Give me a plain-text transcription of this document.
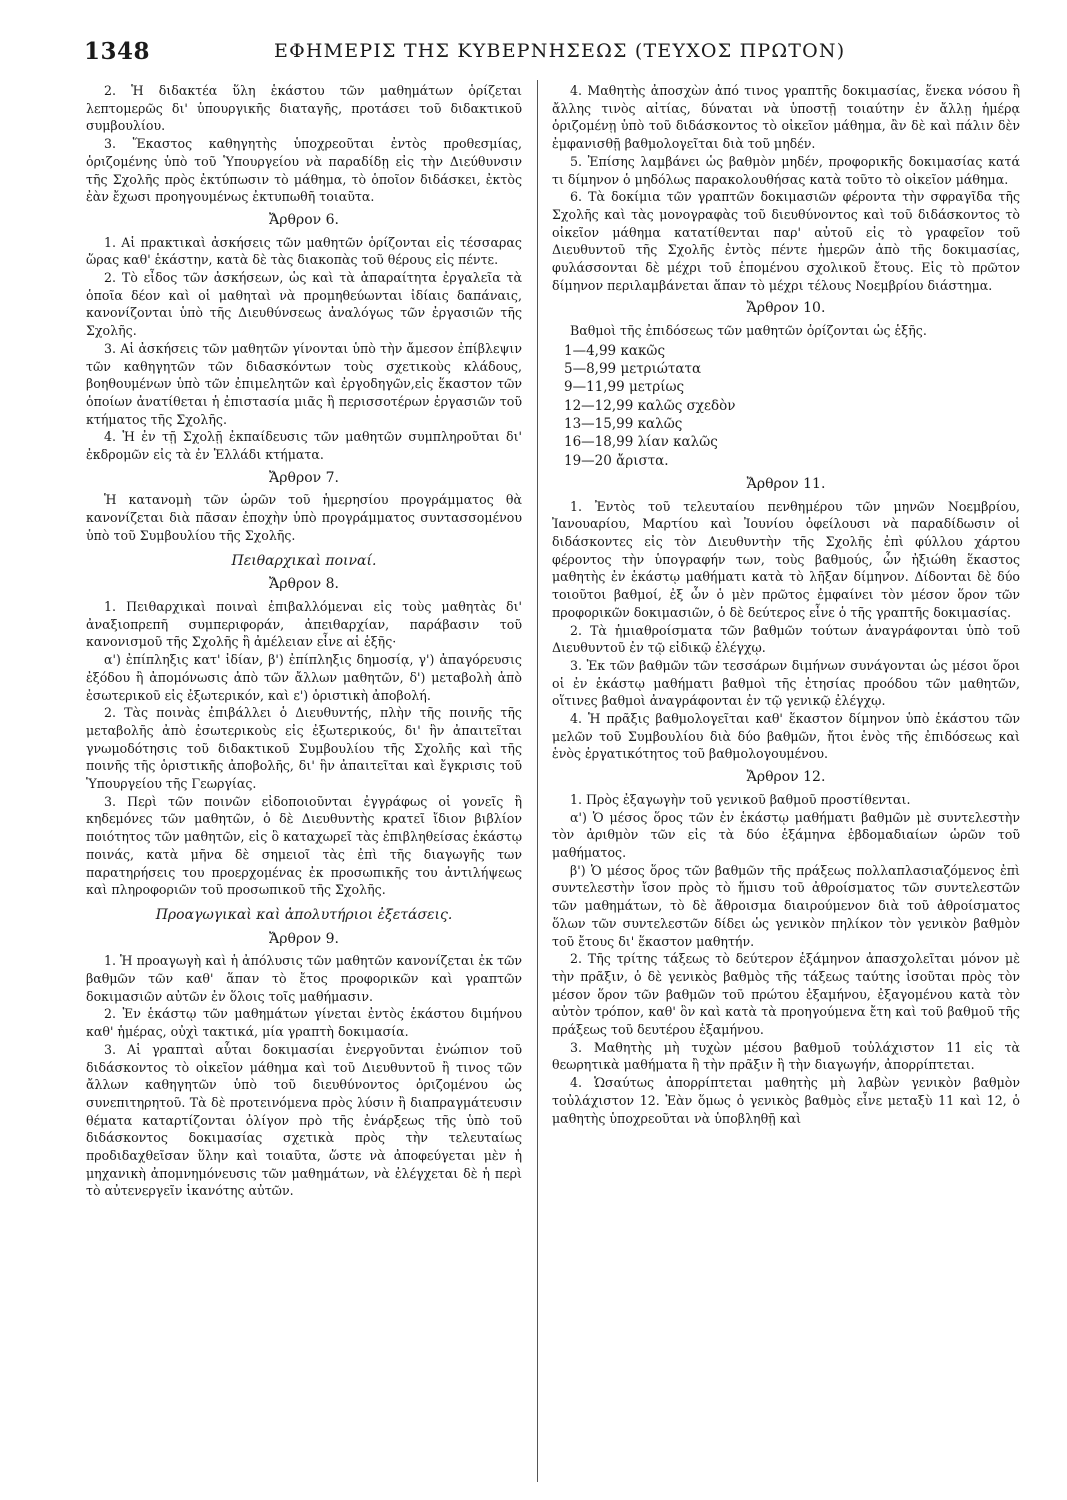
1348	ΕΦΗΜΕΡΙΣ ΤΗΣ ΚΥΒΕΡΝΗΣΕΩΣ (ΤΕΥΧΟΣ ΠΡΩΤΟΝ)

2. Ἡ διδακτέα ὕλη ἑκάστου τῶν μαθημάτων ὁρίζεται λεπτομερῶς δι' ὑπουργικῆς διαταγῆς, προτάσει τοῦ διδακτικοῦ συμβουλίου.

3. Ἕκαστος καθηγητὴς ὑποχρεοῦται ἐντὸς προθεσμίας, ὁριζομένης ὑπὸ τοῦ Ὑπουργείου νὰ παραδίδῃ εἰς τὴν Διεύθυνσιν τῆς Σχολῆς πρὸς ἐκτύπωσιν τὸ μάθημα, τὸ ὁποῖον διδάσκει, ἐκτὸς ἐὰν ἔχωσι προηγουμένως ἐκτυπωθῆ τοιαῦτα.

Ἄρθρον 6.

1. Αἱ πρακτικαὶ ἀσκήσεις τῶν μαθητῶν ὁρίζονται εἰς τέσσαρας ὥρας καθ' ἑκάστην, κατὰ δὲ τὰς διακοπὰς τοῦ θέρους εἰς πέντε.

2. Τὸ εἶδος τῶν ἀσκήσεων, ὡς καὶ τὰ ἀπαραίτητα ἐργαλεῖα τὰ ὁποῖα δέον καὶ οἱ μαθηταὶ νὰ προμηθεύωνται ἰδίαις δαπάναις, κανονίζονται ὑπὸ τῆς Διευθύνσεως ἀναλόγως τῶν ἐργασιῶν τῆς Σχολῆς.

3. Αἱ ἀσκήσεις τῶν μαθητῶν γίνονται ὑπὸ τὴν ἄμεσον ἐπίβλεψιν τῶν καθηγητῶν τῶν διδασκόντων τοὺς σχετικοὺς κλάδους, βοηθουμένων ὑπὸ τῶν ἐπιμελητῶν καὶ ἐργοδηγῶν,εἰς ἕκαστον τῶν ὁποίων ἀνατίθεται ἡ ἐπιστασία μιᾶς ἢ περισσοτέρων ἐργασιῶν τοῦ κτήματος τῆς Σχολῆς.

4. Ἡ ἐν τῇ Σχολῇ ἐκπαίδευσις τῶν μαθητῶν συμπληροῦται δι' ἐκδρομῶν εἰς τὰ ἐν Ἑλλάδι κτήματα.

Ἄρθρον 7.

Ἡ κατανομὴ τῶν ὡρῶν τοῦ ἡμερησίου προγράμματος θὰ κανονίζεται διὰ πᾶσαν ἐποχὴν ὑπὸ προγράμματος συντασσομένου ὑπὸ τοῦ Συμβουλίου τῆς Σχολῆς.

Πειθαρχικαὶ ποιναί.
Ἄρθρον 8.

1. Πειθαρχικαὶ ποιναὶ ἐπιβαλλόμεναι εἰς τοὺς μαθητὰς δι' ἀναξιοπρεπῆ συμπεριφοράν, ἀπειθαρχίαν, παράβασιν τοῦ κανονισμοῦ τῆς Σχολῆς ἢ ἀμέλειαν εἶνε αἱ ἑξῆς·

α') ἐπίπληξις κατ' ἰδίαν, β') ἐπίπληξις δημοσίᾳ, γ') ἀπαγόρευσις ἐξόδου ἢ ἀπομόνωσις ἀπὸ τῶν ἄλλων μαθητῶν, δ') μεταβολὴ ἀπὸ ἐσωτερικοῦ εἰς ἐξωτερικόν, καὶ ε') ὁριστικὴ ἀποβολή.

2. Τὰς ποινὰς ἐπιβάλλει ὁ Διευθυντής, πλὴν τῆς ποινῆς τῆς μεταβολῆς ἀπὸ ἐσωτερικοὺς εἰς ἐξωτερικούς, δι' ἣν ἀπαιτεῖται γνωμοδότησις τοῦ διδακτικοῦ Συμβουλίου τῆς Σχολῆς καὶ τῆς ποινῆς τῆς ὁριστικῆς ἀποβολῆς, δι' ἣν ἀπαιτεῖται καὶ ἔγκρισις τοῦ Ὑπουργείου τῆς Γεωργίας.

3. Περὶ τῶν ποινῶν εἰδοποιοῦνται ἐγγράφως οἱ γονεῖς ἢ κηδεμόνες τῶν μαθητῶν, ὁ δὲ Διευθυντὴς κρατεῖ ἴδιον βιβλίον ποιότητος τῶν μαθητῶν, εἰς ὃ καταχωρεῖ τὰς ἐπιβληθείσας ἑκάστῳ ποινάς, κατὰ μῆνα δὲ σημειοῖ τὰς ἐπὶ τῆς διαγωγῆς των παρατηρήσεις του προερχομένας ἐκ προσωπικῆς του ἀντιλήψεως καὶ πληροφοριῶν τοῦ προσωπικοῦ τῆς Σχολῆς.

Προαγωγικαὶ καὶ ἀπολυτήριοι ἐξετάσεις.
Ἄρθρον 9.

1. Ἡ προαγωγὴ καὶ ἡ ἀπόλυσις τῶν μαθητῶν κανονίζεται ἐκ τῶν βαθμῶν τῶν καθ' ἅπαν τὸ ἔτος προφορικῶν καὶ γραπτῶν δοκιμασιῶν αὐτῶν ἐν ὅλοις τοῖς μαθήμασιν.

2. Ἐν ἑκάστῳ τῶν μαθημάτων γίνεται ἐντὸς ἑκάστου διμήνου καθ' ἡμέρας, οὐχὶ τακτικά, μία γραπτὴ δοκιμασία.

3. Αἱ γραπταὶ αὗται δοκιμασίαι ἐνεργοῦνται ἐνώπιον τοῦ διδάσκοντος τὸ οἰκεῖον μάθημα καὶ τοῦ Διευθυντοῦ ἢ τινος τῶν ἄλλων καθηγητῶν ὑπὸ τοῦ διευθύνοντος ὁριζομένου ὡς συνεπιτηρητοῦ. Τὰ δὲ προτεινόμενα πρὸς λύσιν ἢ διαπραγμάτευσιν θέματα καταρτίζονται ὀλίγον πρὸ τῆς ἐνάρξεως τῆς ὑπὸ τοῦ διδάσκοντος δοκιμασίας σχετικὰ πρὸς τὴν τελευταίως προδιδαχθεῖσαν ὕλην καὶ τοιαῦτα, ὥστε νὰ ἀποφεύγεται μὲν ἡ μηχανικὴ ἀπομνημόνευσις τῶν μαθημάτων, νὰ ἐλέγχεται δὲ ἡ περὶ τὸ αὐτενεργεῖν ἱκανότης αὐτῶν.

4. Μαθητὴς ἀποσχὼν ἀπό τινος γραπτῆς δοκιμασίας, ἕνεκα νόσου ἢ ἄλλης τινὸς αἰτίας, δύναται νὰ ὑποστῇ τοιαύτην ἐν ἄλλῃ ἡμέρᾳ ὁριζομένῃ ὑπὸ τοῦ διδάσκοντος τὸ οἰκεῖον μάθημα, ἂν δὲ καὶ πάλιν δὲν ἐμφανισθῇ βαθμολογεῖται διὰ τοῦ μηδέν.

5. Ἐπίσης λαμβάνει ὡς βαθμὸν μηδέν, προφορικῆς δοκιμασίας κατά τι δίμηνον ὁ μηδόλως παρακολουθήσας κατὰ τοῦτο τὸ οἰκεῖον μάθημα.

6. Τὰ δοκίμια τῶν γραπτῶν δοκιμασιῶν φέροντα τὴν σφραγῖδα τῆς Σχολῆς καὶ τὰς μονογραφὰς τοῦ διευθύνοντος καὶ τοῦ διδάσκοντος τὸ οἰκεῖον μάθημα κατατίθενται παρ' αὐτοῦ εἰς τὸ γραφεῖον τοῦ Διευθυντοῦ τῆς Σχολῆς ἐντὸς πέντε ἡμερῶν ἀπὸ τῆς δοκιμασίας, φυλάσσονται δὲ μέχρι τοῦ ἑπομένου σχολικοῦ ἔτους. Εἰς τὸ πρῶτον δίμηνον περιλαμβάνεται ἅπαν τὸ μέχρι τέλους Νοεμβρίου διάστημα.

Ἄρθρον 10.

Βαθμοὶ τῆς ἐπιδόσεως τῶν μαθητῶν ὁρίζονται ὡς ἑξῆς.

1—4,99 κακῶς
5—8,99 μετριώτατα
9—11,99 μετρίως
12—12,99 καλῶς σχεδὸν
13—15,99 καλῶς
16—18,99 λίαν καλῶς
19—20 ἄριστα.
Ἄρθρον 11.

1. Ἐντὸς τοῦ τελευταίου πενθημέρου τῶν μηνῶν Νοεμβρίου, Ἰανουαρίου, Μαρτίου καὶ Ἰουνίου ὀφείλουσι νὰ παραδίδωσιν οἱ διδάσκοντες εἰς τὸν Διευθυντὴν τῆς Σχολῆς ἐπὶ φύλλου χάρτου φέροντος τὴν ὑπογραφήν των, τοὺς βαθμούς, ὧν ἠξιώθη ἕκαστος μαθητὴς ἐν ἑκάστῳ μαθήματι κατὰ τὸ λῆξαν δίμηνον. Δίδονται δὲ δύο τοιοῦτοι βαθμοί, ἐξ ὧν ὁ μὲν πρῶτος ἐμφαίνει τὸν μέσον ὅρον τῶν προφορικῶν δοκιμασιῶν, ὁ δὲ δεύτερος εἶνε ὁ τῆς γραπτῆς δοκιμασίας.

2. Τὰ ἡμιαθροίσματα τῶν βαθμῶν τούτων ἀναγράφονται ὑπὸ τοῦ Διευθυντοῦ ἐν τῷ εἰδικῷ ἐλέγχῳ.

3. Ἐκ τῶν βαθμῶν τῶν τεσσάρων διμήνων συνάγονται ὡς μέσοι ὅροι οἱ ἐν ἑκάστῳ μαθήματι βαθμοὶ τῆς ἐτησίας προόδου τῶν μαθητῶν, οἵτινες βαθμοὶ ἀναγράφονται ἐν τῷ γενικῷ ἐλέγχῳ.

4. Ἡ πρᾶξις βαθμολογεῖται καθ' ἕκαστον δίμηνον ὑπὸ ἑκάστου τῶν μελῶν τοῦ Συμβουλίου διὰ δύο βαθμῶν, ἤτοι ἑνὸς τῆς ἐπιδόσεως καὶ ἑνὸς ἐργατικότητος τοῦ βαθμολογουμένου.

Ἄρθρον 12.

1. Πρὸς ἐξαγωγὴν τοῦ γενικοῦ βαθμοῦ προστίθενται.

α') Ὁ μέσος ὅρος τῶν ἐν ἑκάστῳ μαθήματι βαθμῶν μὲ συντελεστὴν τὸν ἀριθμὸν τῶν εἰς τὰ δύο ἑξάμηνα ἑβδομαδιαίων ὡρῶν τοῦ μαθήματος.

β') Ὁ μέσος ὅρος τῶν βαθμῶν τῆς πράξεως πολλαπλασιαζόμενος ἐπὶ συντελεστὴν ἴσον πρὸς τὸ ἥμισυ τοῦ ἀθροίσματος τῶν συντελεστῶν τῶν μαθημάτων, τὸ δὲ ἄθροισμα διαιρούμενον διὰ τοῦ ἀθροίσματος ὅλων τῶν συντελεστῶν δίδει ὡς γενικὸν πηλίκον τὸν γενικὸν βαθμὸν τοῦ ἔτους δι' ἕκαστον μαθητήν.

2. Τῆς τρίτης τάξεως τὸ δεύτερον ἑξάμηνον ἀπασχολεῖται μόνον μὲ τὴν πρᾶξιν, ὁ δὲ γενικὸς βαθμὸς τῆς τάξεως ταύτης ἰσοῦται πρὸς τὸν μέσον ὅρον τῶν βαθμῶν τοῦ πρώτου ἑξαμήνου, ἐξαγομένου κατὰ τὸν αὐτὸν τρόπον, καθ' ὃν καὶ κατὰ τὰ προηγούμενα ἔτη καὶ τοῦ βαθμοῦ τῆς πράξεως τοῦ δευτέρου ἑξαμήνου.

3. Μαθητὴς μὴ τυχὼν μέσου βαθμοῦ τοὐλάχιστον 11 εἰς τὰ θεωρητικὰ μαθήματα ἢ τὴν πρᾶξιν ἢ τὴν διαγωγήν, ἀπορρίπτεται.

4. Ὡσαύτως ἀπορρίπτεται μαθητὴς μὴ λαβὼν γενικὸν βαθμὸν τοὐλάχιστον 12. Ἐὰν ὅμως ὁ γενικὸς βαθμὸς εἶνε μεταξὺ 11 καὶ 12, ὁ μαθητὴς ὑποχρεοῦται νὰ ὑποβληθῇ καὶ
